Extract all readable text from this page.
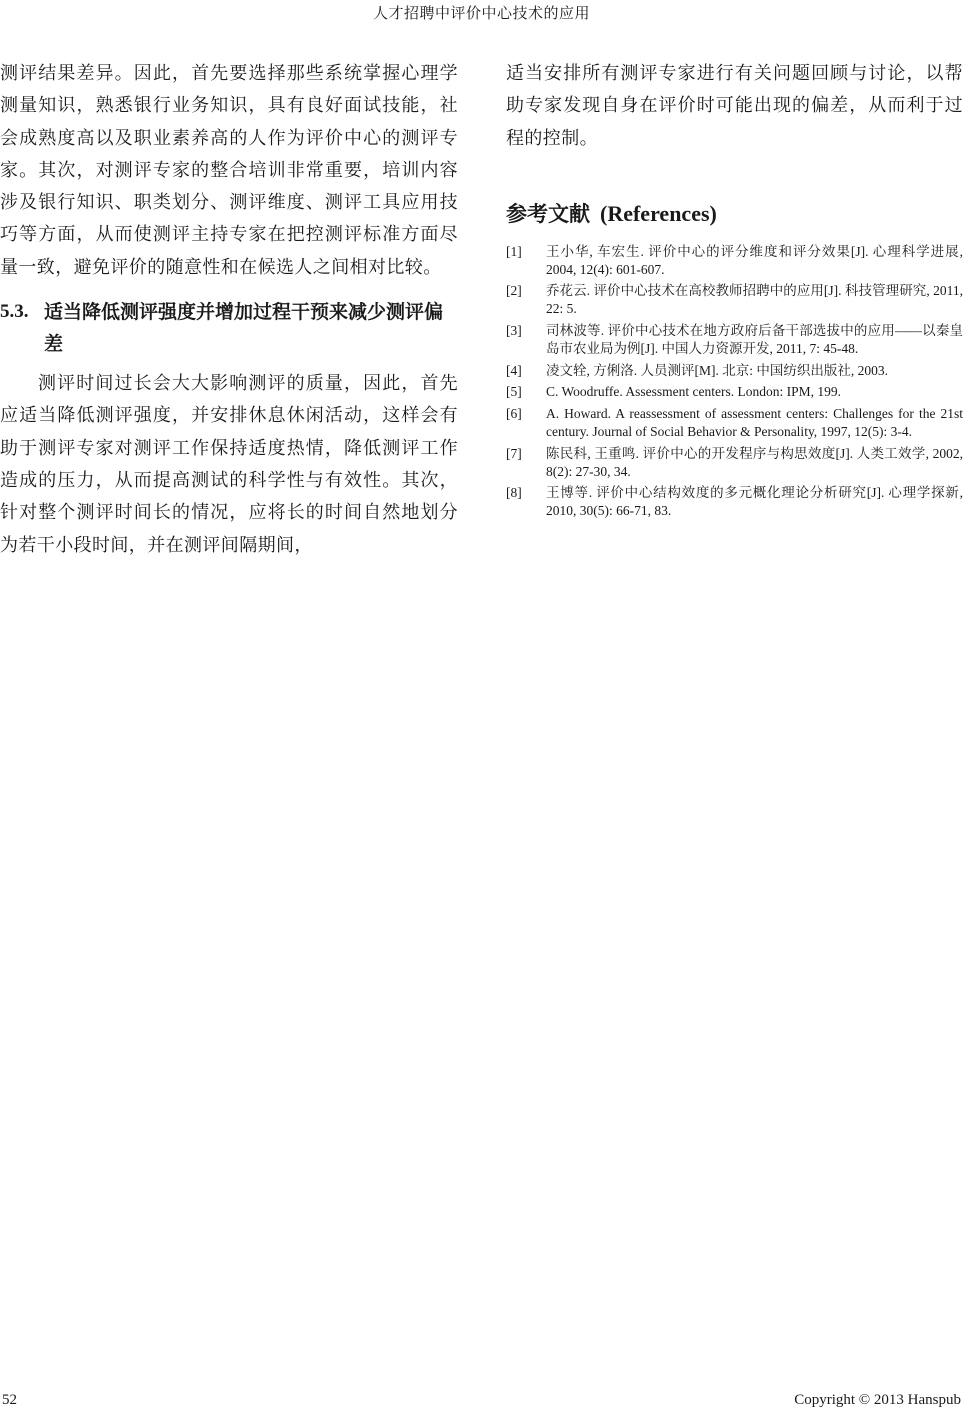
人才招聘中评价中心技术的应用

测评结果差异。因此，首先要选择那些系统掌握心理学测量知识，熟悉银行业务知识，具有良好面试技能，社会成熟度高以及职业素养高的人作为评价中心的测评专家。其次，对测评专家的整合培训非常重要，培训内容涉及银行知识、职类划分、测评维度、测评工具应用技巧等方面，从而使测评主持专家在把控测评标准方面尽量一致，避免评价的随意性和在候选人之间相对比较。

5.3. 适当降低测评强度并增加过程干预来减少测评偏差

测评时间过长会大大影响测评的质量，因此，首先应适当降低测评强度，并安排休息休闲活动，这样会有助于测评专家对测评工作保持适度热情，降低测评工作造成的压力，从而提高测试的科学性与有效性。其次，针对整个测评时间长的情况，应将长的时间自然地划分为若干小段时间，并在测评间隔期间，

适当安排所有测评专家进行有关问题回顾与讨论，以帮助专家发现自身在评价时可能出现的偏差，从而利于过程的控制。

参考文献 (References)
[1]	王小华, 车宏生. 评价中心的评分维度和评分效果[J]. 心理科学进展, 2004, 12(4): 601-607.
[2]	乔花云. 评价中心技术在高校教师招聘中的应用[J]. 科技管理研究, 2011, 22: 5.
[3]	司林波等. 评价中心技术在地方政府后备干部选拔中的应用——以秦皇岛市农业局为例[J]. 中国人力资源开发, 2011, 7: 45-48.
[4]	凌文辁, 方俐洛. 人员测评[M]. 北京: 中国纺织出版社, 2003.
[5]	C. Woodruffe. Assessment centers. London: IPM, 199.
[6]	A. Howard. A reassessment of assessment centers: Challenges for the 21st century. Journal of Social Behavior & Personality, 1997, 12(5): 3-4.
[7]	陈民科, 王重鸣. 评价中心的开发程序与构思效度[J]. 人类工效学, 2002, 8(2): 27-30, 34.
[8]	王博等. 评价中心结构效度的多元概化理论分析研究[J]. 心理学探新, 2010, 30(5): 66-71, 83.
52	Copyright © 2013 Hanspub
